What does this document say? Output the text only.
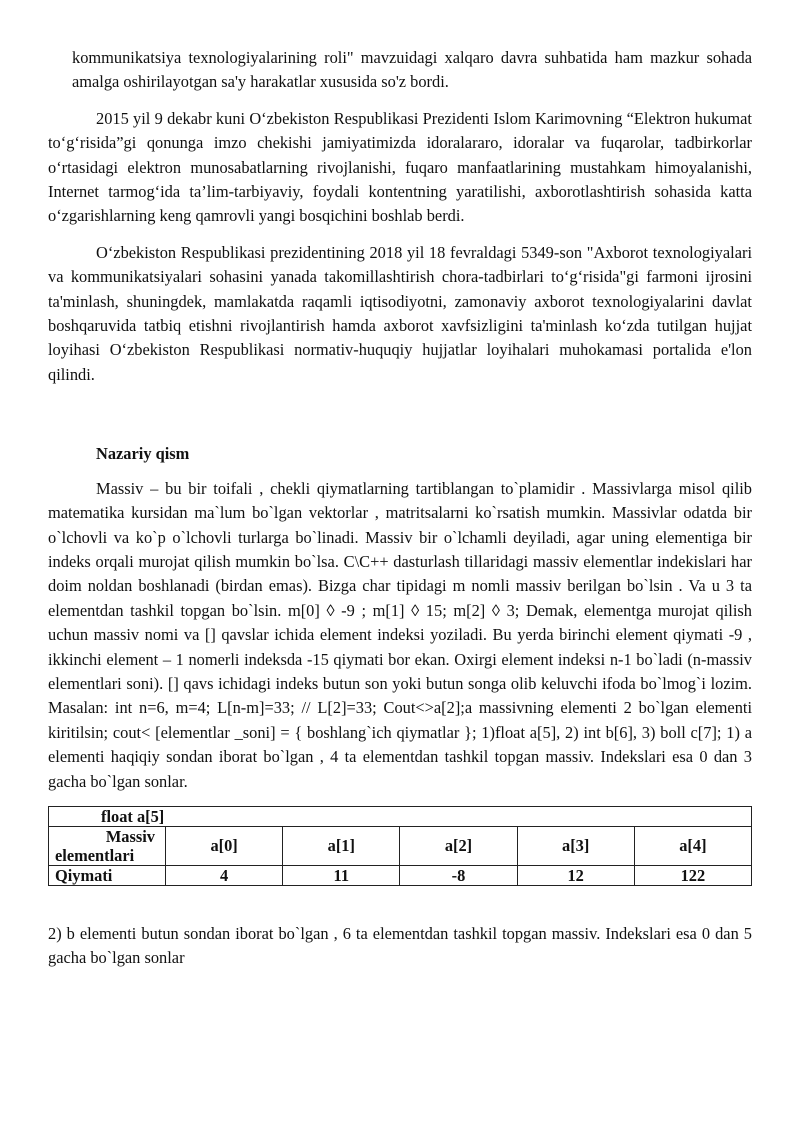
kommunikatsiya texnologiyalarining roli" mavzuidagi xalqaro davra suhbatida ham mazkur sohada amalga oshirilayotgan sa'y harakatlar xususida so'z bordi.

2015 yil 9 dekabr kuni Oʻzbekiston Respublikasi Prezidenti Islom Karimovning “Elektron hukumat toʻgʻrisida”gi qonunga imzo chekishi jamiyatimizda idoralararo, idoralar va fuqarolar, tadbirkorlar oʻrtasidagi elektron munosabatlarning rivojlanishi, fuqaro manfaatlarining mustahkam himoyalanishi, Internet tarmogʻida ta’lim-tarbiyaviy, foydali kontentning yaratilishi, axborotlashtirish sohasida katta oʻzgarishlarning keng qamrovli yangi bosqichini boshlab berdi.

Oʻzbekiston Respublikasi prezidentining 2018 yil 18 fevraldagi 5349-son "Axborot texnologiyalari va kommunikatsiyalari sohasini yanada takomillashtirish chora-tadbirlari toʻgʻrisida"gi farmoni ijrosini ta'minlash, shuningdek, mamlakatda raqamli iqtisodiyotni, zamonaviy axborot texnologiyalarini davlat boshqaruvida tatbiq etishni rivojlantirish hamda axborot xavfsizligini ta'minlash koʻzda tutilgan hujjat loyihasi Oʻzbekiston Respublikasi normativ-huquqiy hujjatlar loyihalari muhokamasi portalida e'lon qilindi.

Nazariy qism

Massiv – bu bir toifali , chekli qiymatlarning tartiblangan to`plamidir . Massivlarga misol qilib matematika kursidan ma`lum bo`lgan vektorlar , matritsalarni ko`rsatish mumkin. Massivlar odatda bir o`lchovli va ko`p o`lchovli turlarga bo`linadi. Massiv bir o`lchamli deyiladi, agar uning elementiga bir indeks orqali murojat qilish mumkin bo`lsa. C\C++ dasturlash tillaridagi massiv elementlar indekislari har doim noldan boshlanadi (birdan emas). Bizga char tipidagi m nomli massiv berilgan bo`lsin . Va u 3 ta elementdan tashkil topgan bo`lsin. m[0] ◊ -9 ; m[1] ◊ 15; m[2] ◊ 3; Demak, elementga murojat qilish uchun massiv nomi va [] qavslar ichida element indeksi yoziladi. Bu yerda birinchi element qiymati -9 , ikkinchi element – 1 nomerli indeksda -15 qiymati bor ekan. Oxirgi element indeksi n-1 bo`ladi (n-massiv elementlari soni). [] qavs ichidagi indeks butun son yoki butun songa olib keluvchi ifoda bo`lmog`i lozim. Masalan: int n=6, m=4; L[n-m]=33; // L[2]=33; Cout<>a[2];a massivning elementi 2 bo`lgan elementi kiritilsin; cout< [elementlar _soni] = { boshlang`ich qiymatlar }; 1)float a[5], 2) int b[6], 3) boll c[7]; 1) a elementi haqiqiy sondan iborat bo`lgan , 4 ta elementdan tashkil topgan massiv. Indekslari esa 0 dan 3 gacha bo`lgan sonlar.

float a[5]					

Massiv
elementlari	a[0]	a[1]	a[2]	a[3]	a[4]
Qiymati	4	11	-8	12	122

2) b elementi butun sondan iborat bo`lgan , 6 ta elementdan tashkil topgan massiv. Indekslari esa 0 dan 5 gacha bo`lgan sonlar
